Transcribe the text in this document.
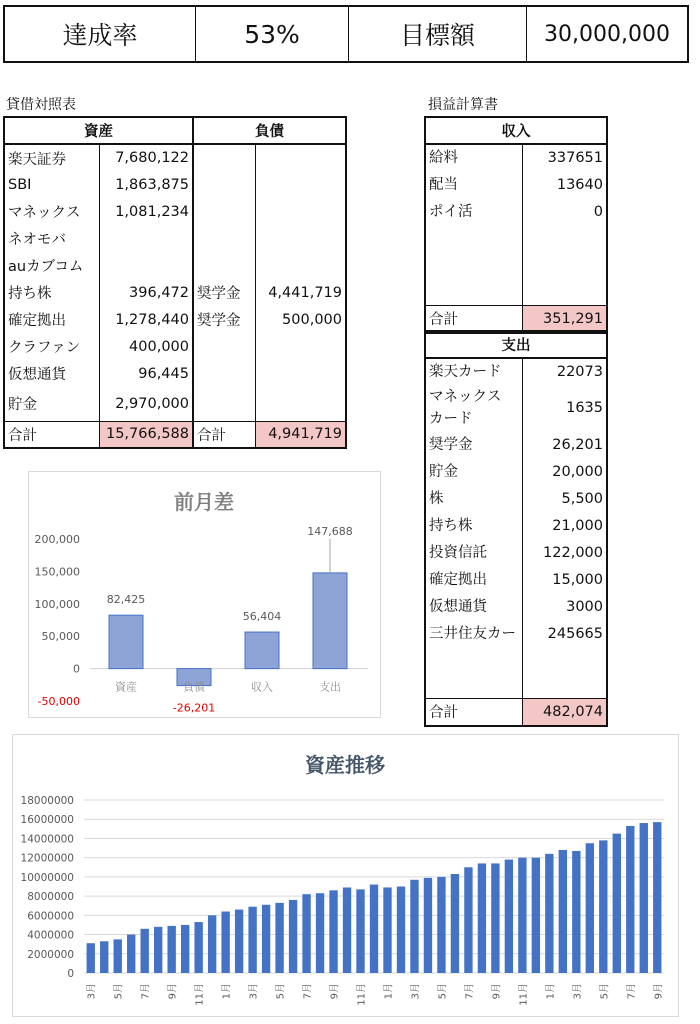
達成率	53%	目標額	30,000,000
貸借対照表
資産		負債	
楽天証券	7,680,122		
SBI	1,863,875		
マネックス	1,081,234		
ネオモバ			
auカブコム			
持ち株	396,472	奨学金	4,441,719
確定拠出	1,278,440	奨学金	500,000
クラファン	400,000		
仮想通貨	96,445		
貯金	2,970,000		
合計	15,766,588	合計	4,941,719
損益計算書
収入	
給料	337651
配当	13640
ポイ活	0

合計	351,291
支出	
楽天カード	22073
マネックス
カード	1635
奨学金	26,201
貯金	20,000
株	5,500
持ち株	21,000
投資信託	122,000
確定拠出	15,000
仮想通貨	3000
三井住友カー	245665

合計	482,074
前月差
200,000
150,000
100,000
50,000
0
-50,000
資産
82,425
負債
-26,201
収入
56,404
支出
147,688
資産推移
18000000
16000000
14000000
12000000
10000000
8000000
6000000
4000000
2000000
0
3月 5月 7月 9月 11月 1月 3月 5月 7月 9月 11月 1月 3月 5月 7月 9月 11月 1月 3月 5月 7月 9月
